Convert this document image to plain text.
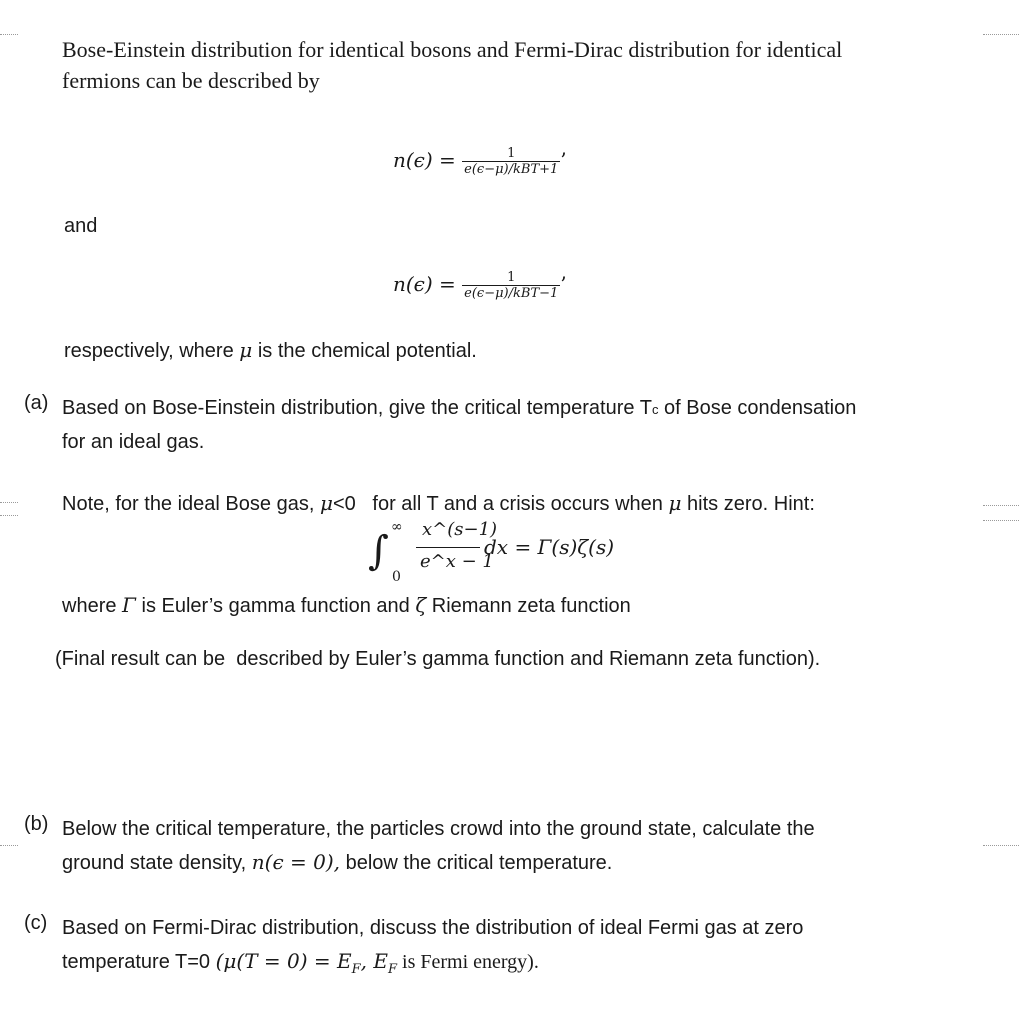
Bose-Einstein distribution for identical bosons and Fermi-Dirac distribution for identical
fermions can be described by
$n(\epsilon) = \frac{1}{\text{e(ϵ−μ)/kBT+1}}$ ’
and
$n(\epsilon) = \frac{1}{\text{e(ϵ−μ)/kBT−1}}$ ’
respectively, where μ is the chemical potential.
(a) Based on Bose-Einstein distribution, give the critical temperature Tc of Bose condensation
for an ideal gas.
Note, for the ideal Bose gas, μ<0   for all T and a crisis occurs when μ hits zero. Hint:
∫
∞
0
x^(s−1)
e^x − 1
dx = Γ(s)ζ(s)
where Γ is Euler’s gamma function and ζ Riemann zeta function
(Final result can be  described by Euler’s gamma function and Riemann zeta function).
(b) Below the critical temperature, the particles crowd into the ground state, calculate the
ground state density, n(ϵ = 0), below the critical temperature.
(c) Based on Fermi-Dirac distribution, discuss the distribution of ideal Fermi gas at zero
temperature T=0 ($\mu(T = 0) = E_F$, $E_F$ is Fermi energy).
